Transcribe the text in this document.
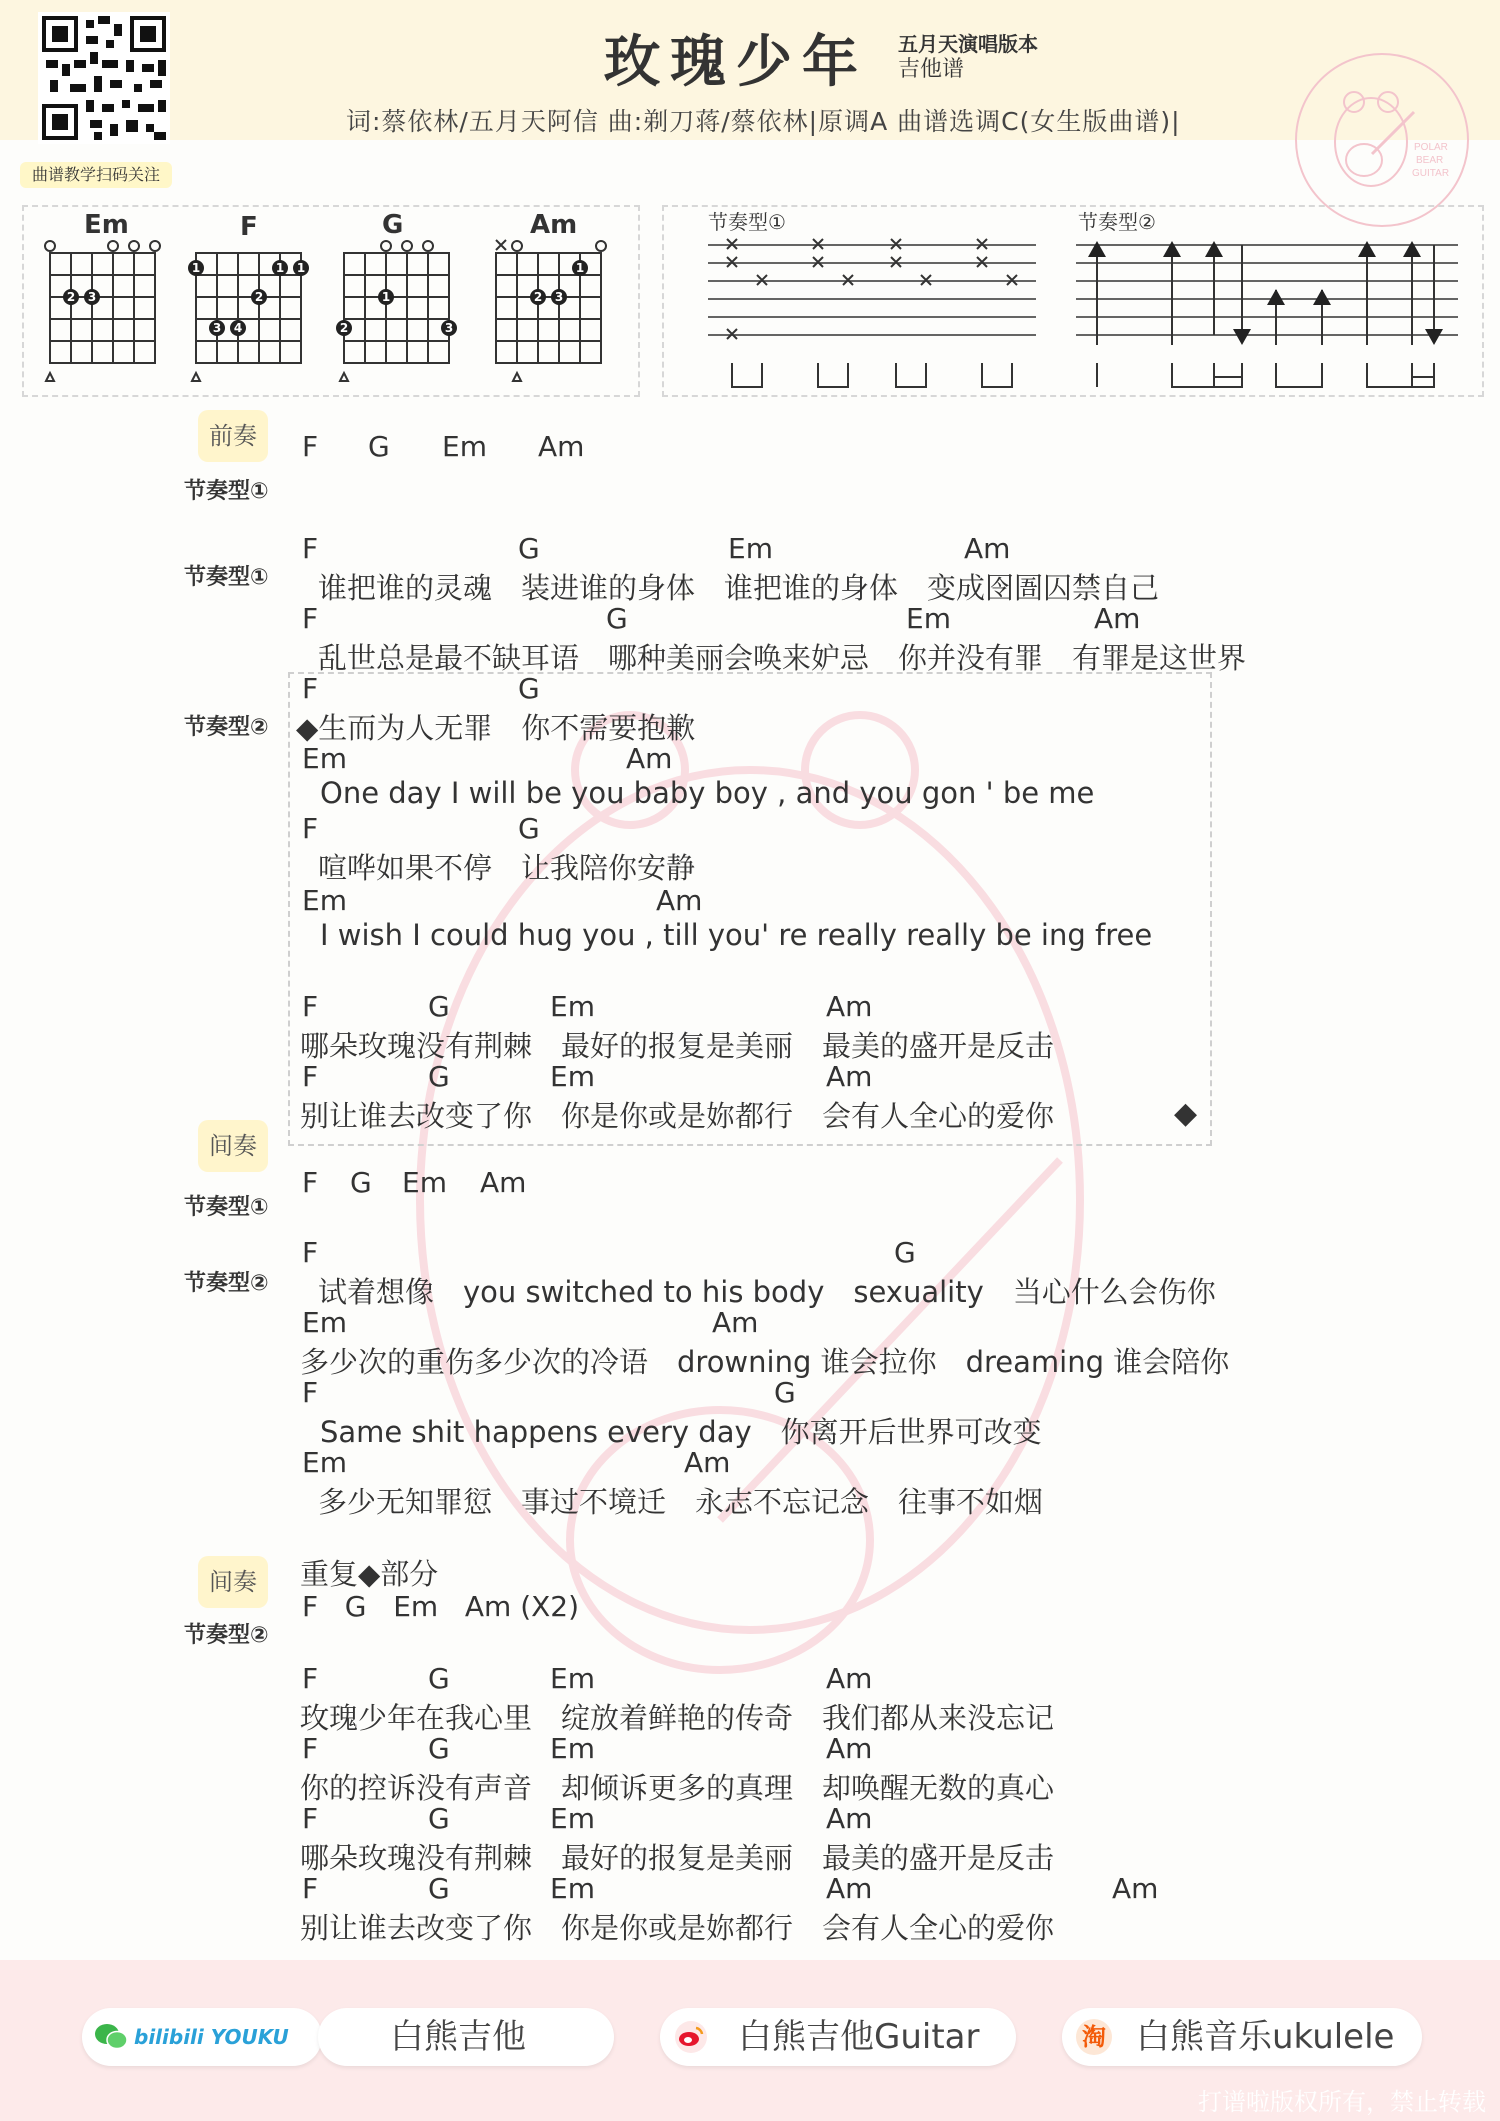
曲谱教学扫码关注
玫瑰少年 五月天演唱版本
吉他谱
词:蔡依林/五月天阿信 曲:剃刀蒋/蔡依林|原调A 曲谱选调C(女生版曲谱)|
POLAR
BEAR
GUITAR
Em	F	G	Am
2 3
1	1 1
2
3 4
1
2	3
1
2 3
节奏型①	节奏型②
前奏
间奏
间奏
节奏型①
节奏型①
节奏型②
节奏型①
节奏型②
节奏型②
F G Em Am
F	G	Em	Am
谁把谁的灵魂　装进谁的身体　谁把谁的身体　变成囹圄囚禁自己
F	G	Em	Am
乱世总是最不缺耳语　哪种美丽会唤来妒忌　你并没有罪　有罪是这世界
F	G
◆生而为人无罪　你不需要抱歉
Em	Am
One day I will be you baby boy , and you gon ' be me
F	G
喧哗如果不停　让我陪你安静
Em	Am
I wish I could hug you , till you' re really really be ing free
F	G	Em	Am
哪朵玫瑰没有荆棘　最好的报复是美丽　最美的盛开是反击
F	G	Em	Am
别让谁去改变了你　你是你或是妳都行　会有人全心的爱你	◆
F G Em Am
F	G
试着想像　you switched to his body　sexuality　当心什么会伤你
Em	Am
多少次的重伤多少次的冷语　drowning 谁会拉你　dreaming 谁会陪你
F	G
Same shit happens every day　你离开后世界可改变
Em	Am
多少无知罪愆　事过不境迁　永志不忘记念　往事不如烟
重复◆部分
F   G   Em   Am (X2)
F	G	Em	Am
玫瑰少年在我心里　绽放着鲜艳的传奇　我们都从来没忘记
F	G	Em	Am
你的控诉没有声音　却倾诉更多的真理　却唤醒无数的真心
F	G	Em	Am
哪朵玫瑰没有荆棘　最好的报复是美丽　最美的盛开是反击
F	G	Em	Am	Am
别让谁去改变了你　你是你或是妳都行　会有人全心的爱你
bilibili YOUKU	白熊吉他	白熊吉他Guitar	淘 白熊音乐ukulele
打谱啦版权所有，禁止转载
